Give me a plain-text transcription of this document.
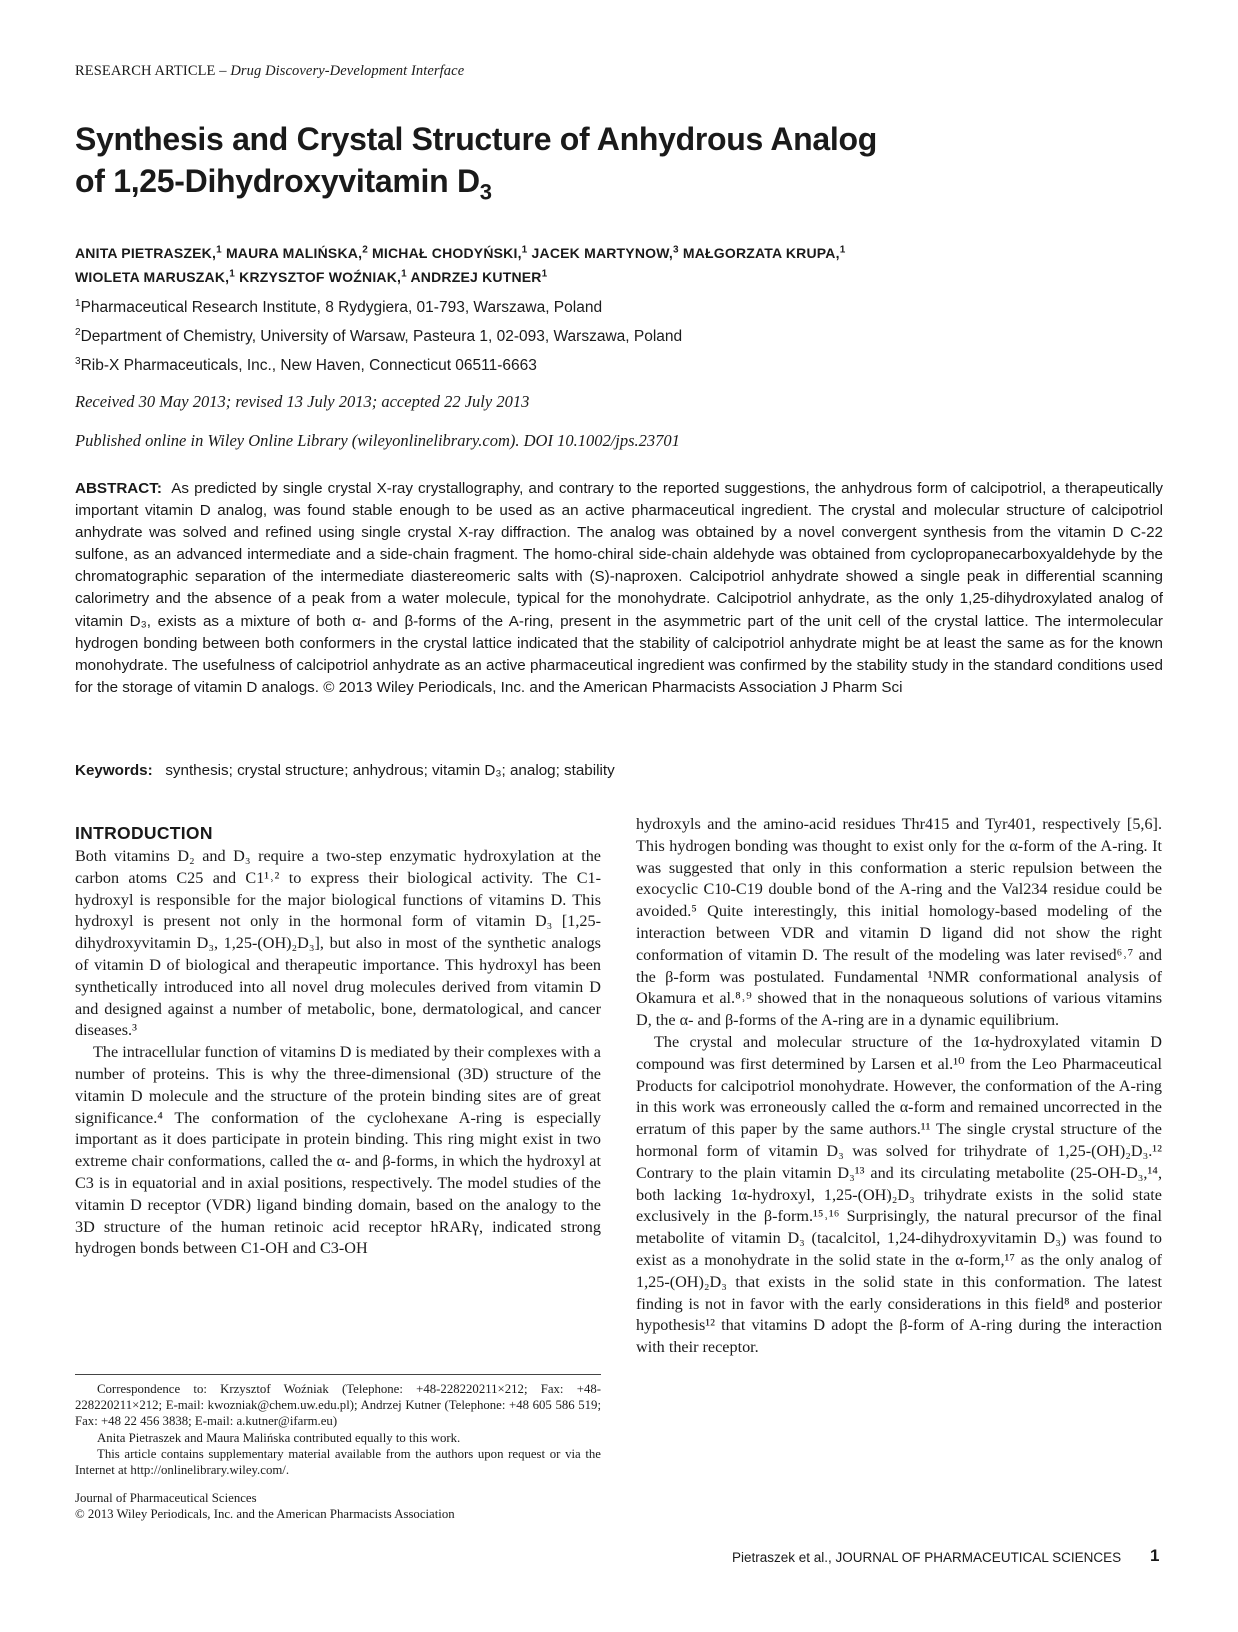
RESEARCH ARTICLE – Drug Discovery-Development Interface
Synthesis and Crystal Structure of Anhydrous Analog
of 1,25-Dihydroxyvitamin $D_3$
ANITA PIETRASZEK,$^1$ MAURA MALIŃSKA,$^2$ MICHAŁ CHODYŃSKI,$^1$ JACEK MARTYNOW,$^3$ MAŁGORZATA KRUPA,$^1$
WIOLETA MARUSZAK,$^1$ KRZYSZTOF WOŹNIAK,$^1$ ANDRZEJ KUTNER$^1$
$^1$Pharmaceutical Research Institute, 8 Rydygiera, 01-793, Warszawa, Poland
$^2$Department of Chemistry, University of Warsaw, Pasteura 1, 02-093, Warszawa, Poland
$^3$Rib-X Pharmaceuticals, Inc., New Haven, Connecticut 06511-6663
Received 30 May 2013; revised 13 July 2013; accepted 22 July 2013
Published online in Wiley Online Library (wileyonlinelibrary.com). DOI 10.1002/jps.23701
ABSTRACT: As predicted by single crystal X-ray crystallography, and contrary to the reported suggestions, the anhydrous form of calcipotriol, a therapeutically important vitamin D analog, was found stable enough to be used as an active pharmaceutical ingredient. The crystal and molecular structure of calcipotriol anhydrate was solved and refined using single crystal X-ray diffraction. The analog was obtained by a novel convergent synthesis from the vitamin D C-22 sulfone, as an advanced intermediate and a side-chain fragment. The homo-chiral side-chain aldehyde was obtained from cyclopropanecarboxyaldehyde by the chromatographic separation of the intermediate diastereomeric salts with (S)-naproxen. Calcipotriol anhydrate showed a single peak in differential scanning calorimetry and the absence of a peak from a water molecule, typical for the monohydrate. Calcipotriol anhydrate, as the only 1,25-dihydroxylated analog of vitamin D₃, exists as a mixture of both α- and β-forms of the A-ring, present in the asymmetric part of the unit cell of the crystal lattice. The intermolecular hydrogen bonding between both conformers in the crystal lattice indicated that the stability of calcipotriol anhydrate might be at least the same as for the known monohydrate. The usefulness of calcipotriol anhydrate as an active pharmaceutical ingredient was confirmed by the stability study in the standard conditions used for the storage of vitamin D analogs. © 2013 Wiley Periodicals, Inc. and the American Pharmacists Association J Pharm Sci
Keywords: synthesis; crystal structure; anhydrous; vitamin D₃; analog; stability
INTRODUCTION

Both vitamins D₂ and D₃ require a two-step enzymatic hydroxylation at the carbon atoms C25 and C1¹˒² to express their biological activity. The C1-hydroxyl is responsible for the major biological functions of vitamins D. This hydroxyl is present not only in the hormonal form of vitamin D₃ [1,25-dihydroxyvitamin D₃, 1,25-(OH)₂D₃], but also in most of the synthetic analogs of vitamin D of biological and therapeutic importance. This hydroxyl has been synthetically introduced into all novel drug molecules derived from vitamin D and designed against a number of metabolic, bone, dermatological, and cancer diseases.³

The intracellular function of vitamins D is mediated by their complexes with a number of proteins. This is why the three-dimensional (3D) structure of the vitamin D molecule and the structure of the protein binding sites are of great significance.⁴ The conformation of the cyclohexane A-ring is especially important as it does participate in protein binding. This ring might exist in two extreme chair conformations, called the α- and β-forms, in which the hydroxyl at C3 is in equatorial and in axial positions, respectively. The model studies of the vitamin D receptor (VDR) ligand binding domain, based on the analogy to the 3D structure of the human retinoic acid receptor hRARγ, indicated strong hydrogen bonds between C1-OH and C3-OH

hydroxyls and the amino-acid residues Thr415 and Tyr401, respectively [5,6]. This hydrogen bonding was thought to exist only for the α-form of the A-ring. It was suggested that only in this conformation a steric repulsion between the exocyclic C10-C19 double bond of the A-ring and the Val234 residue could be avoided.⁵ Quite interestingly, this initial homology-based modeling of the interaction between VDR and vitamin D ligand did not show the right conformation of vitamin D. The result of the modeling was later revised⁶˒⁷ and the β-form was postulated. Fundamental ¹NMR conformational analysis of Okamura et al.⁸˒⁹ showed that in the nonaqueous solutions of various vitamins D, the α- and β-forms of the A-ring are in a dynamic equilibrium.

The crystal and molecular structure of the 1α-hydroxylated vitamin D compound was first determined by Larsen et al.¹⁰ from the Leo Pharmaceutical Products for calcipotriol monohydrate. However, the conformation of the A-ring in this work was erroneously called the α-form and remained uncorrected in the erratum of this paper by the same authors.¹¹ The single crystal structure of the hormonal form of vitamin D₃ was solved for trihydrate of 1,25-(OH)₂D₃.¹² Contrary to the plain vitamin D₃¹³ and its circulating metabolite (25-OH-D₃,¹⁴, both lacking 1α-hydroxyl, 1,25-(OH)₂D₃ trihydrate exists in the solid state exclusively in the β-form.¹⁵˒¹⁶ Surprisingly, the natural precursor of the final metabolite of vitamin D₃ (tacalcitol, 1,24-dihydroxyvitamin D₃) was found to exist as a monohydrate in the solid state in the α-form,¹⁷ as the only analog of 1,25-(OH)₂D₃ that exists in the solid state in this conformation. The latest finding is not in favor with the early considerations in this field⁸ and posterior hypothesis¹² that vitamins D adopt the β-form of A-ring during the interaction with their receptor.

Correspondence to: Krzysztof Woźniak (Telephone: +48-228220211×212; Fax: +48-228220211×212; E-mail: kwozniak@chem.uw.edu.pl); Andrzej Kutner (Telephone: +48 605 586 519; Fax: +48 22 456 3838; E-mail: a.kutner@ifarm.eu)

Anita Pietraszek and Maura Malińska contributed equally to this work.

This article contains supplementary material available from the authors upon request or via the Internet at http://onlinelibrary.wiley.com/.

Journal of Pharmaceutical Sciences
© 2013 Wiley Periodicals, Inc. and the American Pharmacists Association
Pietraszek et al., JOURNAL OF PHARMACEUTICAL SCIENCES 1
